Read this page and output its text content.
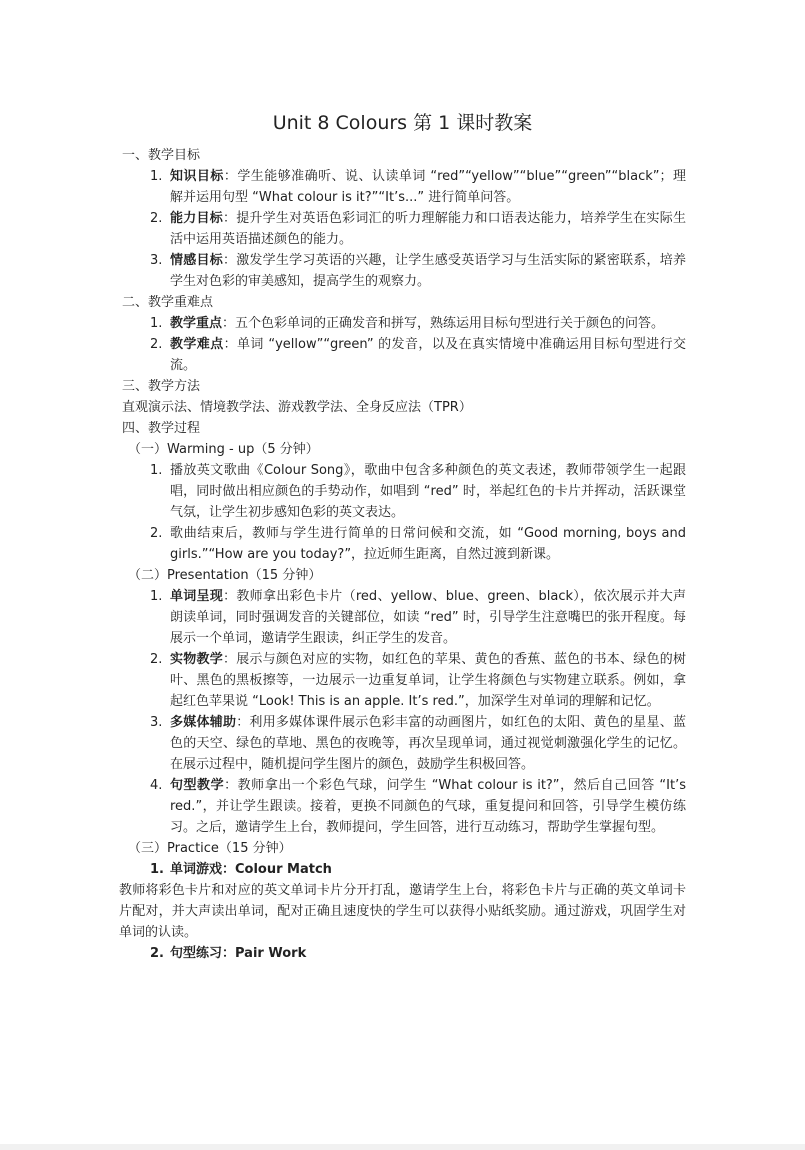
Unit 8 Colours 第 1 课时教案

一、教学目标

1. 知识目标：学生能够准确听、说、认读单词 “red”“yellow”“blue”“green”“black”；理解并运用句型 “What colour is it?”“It’s...” 进行简单问答。
2. 能力目标：提升学生对英语色彩词汇的听力理解能力和口语表达能力，培养学生在实际生活中运用英语描述颜色的能力。
3. 情感目标：激发学生学习英语的兴趣，让学生感受英语学习与生活实际的紧密联系，培养学生对色彩的审美感知，提高学生的观察力。

二、教学重难点

1. 教学重点：五个色彩单词的正确发音和拼写，熟练运用目标句型进行关于颜色的问答。
2. 教学难点：单词 “yellow”“green” 的发音，以及在真实情境中准确运用目标句型进行交流。

三、教学方法

直观演示法、情境教学法、游戏教学法、全身反应法（TPR）

四、教学过程

（一）Warming - up（5 分钟）

1. 播放英文歌曲《Colour Song》，歌曲中包含多种颜色的英文表述，教师带领学生一起跟唱，同时做出相应颜色的手势动作，如唱到 “red” 时，举起红色的卡片并挥动，活跃课堂气氛，让学生初步感知色彩的英文表达。
2. 歌曲结束后，教师与学生进行简单的日常问候和交流，如 “Good morning, boys and girls.”“How are you today?”，拉近师生距离，自然过渡到新课。

（二）Presentation（15 分钟）

1. 单词呈现：教师拿出彩色卡片（red、yellow、blue、green、black），依次展示并大声朗读单词，同时强调发音的关键部位，如读 “red” 时，引导学生注意嘴巴的张开程度。每展示一个单词，邀请学生跟读，纠正学生的发音。
2. 实物教学：展示与颜色对应的实物，如红色的苹果、黄色的香蕉、蓝色的书本、绿色的树叶、黑色的黑板擦等，一边展示一边重复单词，让学生将颜色与实物建立联系。例如，拿起红色苹果说 “Look! This is an apple. It’s red.”，加深学生对单词的理解和记忆。
3. 多媒体辅助：利用多媒体课件展示色彩丰富的动画图片，如红色的太阳、黄色的星星、蓝色的天空、绿色的草地、黑色的夜晚等，再次呈现单词，通过视觉刺激强化学生的记忆。在展示过程中，随机提问学生图片的颜色，鼓励学生积极回答。
4. 句型教学：教师拿出一个彩色气球，问学生 “What colour is it?”，然后自己回答 “It’s red.”，并让学生跟读。接着，更换不同颜色的气球，重复提问和回答，引导学生模仿练习。之后，邀请学生上台，教师提问，学生回答，进行互动练习，帮助学生掌握句型。

（三）Practice（15 分钟）

1. 单词游戏：Colour Match

教师将彩色卡片和对应的英文单词卡片分开打乱，邀请学生上台，将彩色卡片与正确的英文单词卡片配对，并大声读出单词，配对正确且速度快的学生可以获得小贴纸奖励。通过游戏，巩固学生对单词的认读。

2. 句型练习：Pair Work
